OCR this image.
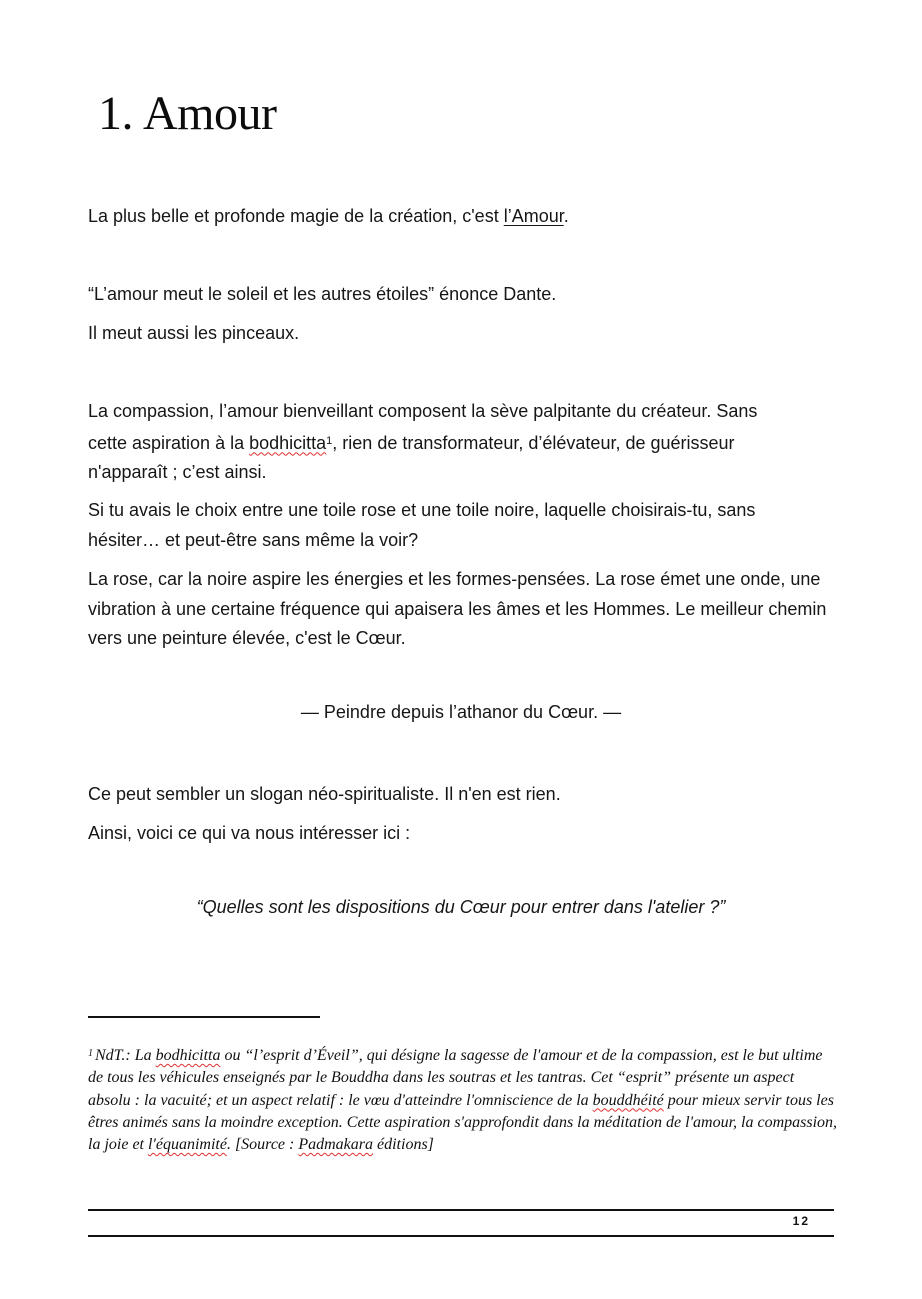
1. Amour

La plus belle et profonde magie de la création, c'est l’Amour.

“L’amour meut le soleil et les autres étoiles” énonce Dante.

Il meut aussi les pinceaux.

La compassion, l’amour bienveillant composent la sève palpitante du créateur. Sans cette aspiration à la bodhicitta$^1$, rien de transformateur, d’élévateur, de guérisseur n'apparaît ; c’est ainsi.

Si tu avais le choix entre une toile rose et une toile noire, laquelle choisirais-tu, sans hésiter… et peut-être sans même la voir?

La rose, car la noire aspire les énergies et les formes-pensées. La rose émet une onde, une vibration à une certaine fréquence qui apaisera les âmes et les Hommes. Le meilleur chemin vers une peinture élevée, c'est le Cœur.

— Peindre depuis l’athanor du Cœur. —

Ce peut sembler un slogan néo-spiritualiste. Il n'en est rien.

Ainsi, voici ce qui va nous intéresser ici :

“Quelles sont les dispositions du Cœur pour entrer dans l'atelier ?”

$^1$ NdT.: La bodhicitta ou “l’esprit d’Éveil”, qui désigne la sagesse de l'amour et de la compassion, est le but ultime de tous les véhicules enseignés par le Bouddha dans les soutras et les tantras. Cet “esprit” présente un aspect absolu : la vacuité; et un aspect relatif : le vœu d'atteindre l'omniscience de la bouddhéité pour mieux servir tous les êtres animés sans la moindre exception. Cette aspiration s'approfondit dans la méditation de l'amour, la compassion, la joie et l'équanimité. [Source : Padmakara éditions]

12
